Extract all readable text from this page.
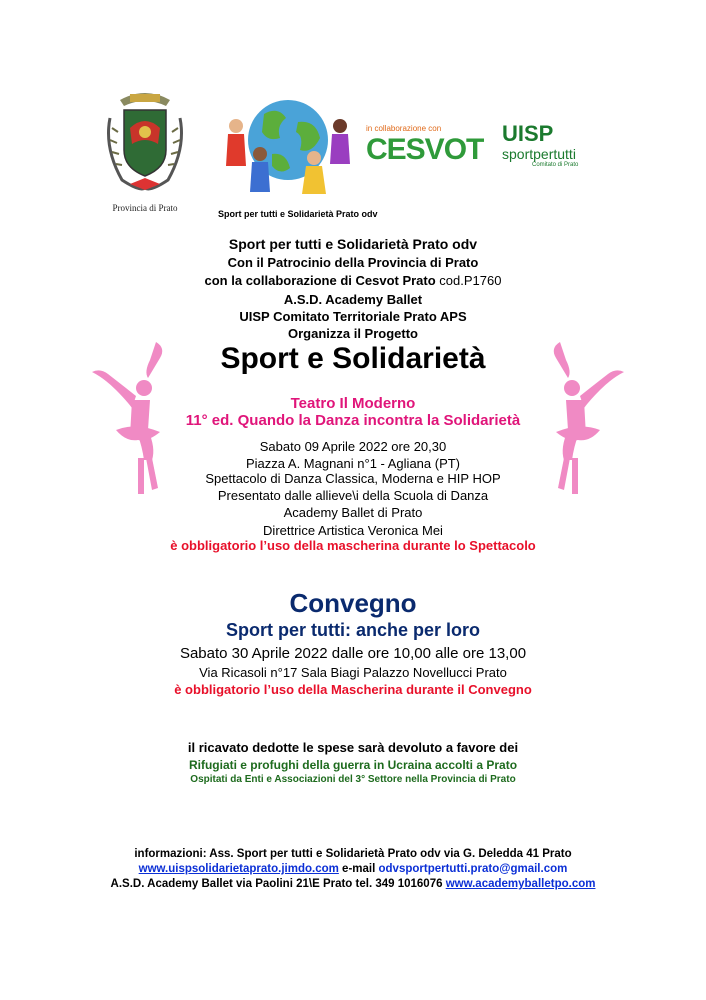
Provincia di Prato
Sport per tutti e Solidarietà Prato odv
in collaborazione con
CESVOT UISP
sportpertutti
Comitato di Prato
Sport per tutti e Solidarietà Prato odv
Con il Patrocinio della Provincia di Prato
con la collaborazione di Cesvot Prato cod.P1760
A.S.D. Academy Ballet
UISP Comitato Territoriale Prato APS
Organizza il Progetto
Sport e Solidarietà
Teatro Il Moderno
11° ed. Quando la Danza incontra la Solidarietà
Sabato 09 Aprile 2022 ore 20,30
Piazza A. Magnani n°1 - Agliana (PT)
Spettacolo di Danza Classica, Moderna e HIP HOP
Presentato dalle allieve\i della Scuola di Danza
Academy Ballet di Prato
Direttrice Artistica Veronica Mei
è obbligatorio l’uso della mascherina durante lo Spettacolo
Convegno
Sport per tutti: anche per loro
Sabato 30 Aprile 2022 dalle ore 10,00 alle ore 13,00
Via Ricasoli n°17 Sala Biagi Palazzo Novellucci Prato
è obbligatorio l’uso della Mascherina durante il Convegno
il ricavato dedotte le spese sarà devoluto a favore dei
Rifugiati e profughi della guerra in Ucraina accolti a Prato
Ospitati da Enti e Associazioni del 3° Settore nella Provincia di Prato
informazioni: Ass. Sport per tutti e Solidarietà Prato odv via G. Deledda 41 Prato
www.uispsolidarietaprato.jimdo.com e-mail odvsportpertutti.prato@gmail.com
A.S.D. Academy Ballet via Paolini 21\E Prato tel. 349 1016076 www.academyballetpo.com
